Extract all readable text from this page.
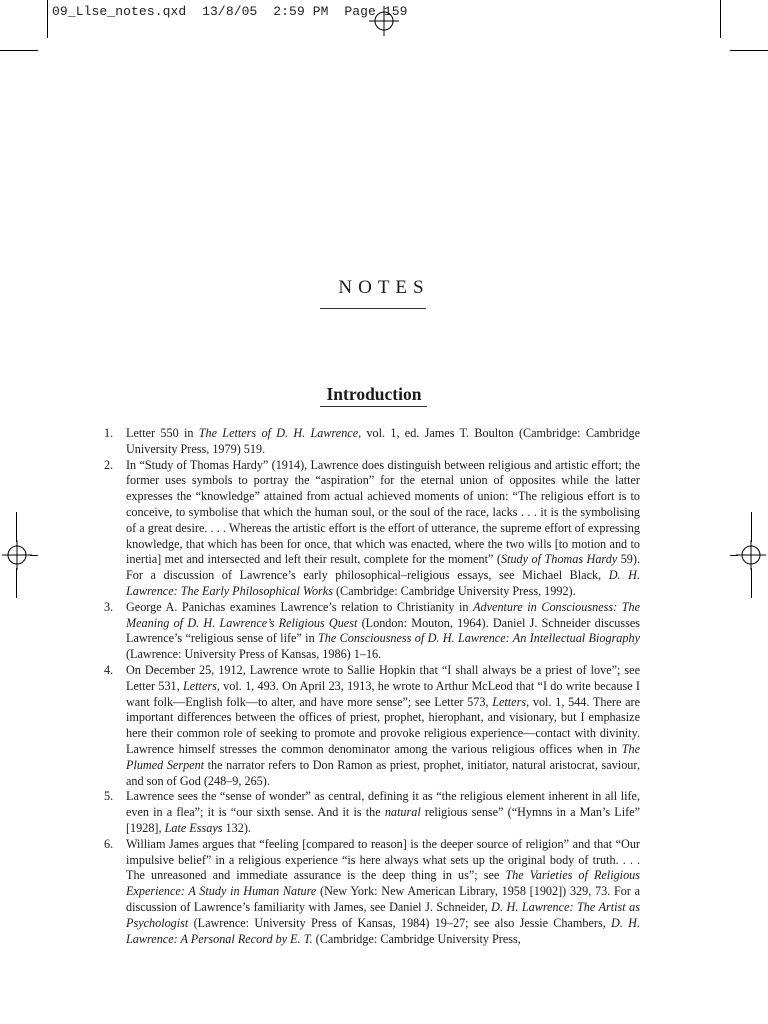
09_Llse_notes.qxd  13/8/05  2:59 PM  Page 159
NOTES
Introduction
1. Letter 550 in The Letters of D. H. Lawrence, vol. 1, ed. James T. Boulton (Cambridge: Cambridge University Press, 1979) 519.
2. In “Study of Thomas Hardy” (1914), Lawrence does distinguish between religious and artistic effort; the former uses symbols to portray the “aspiration” for the eternal union of opposites while the latter expresses the “knowledge” attained from actual achieved moments of union: “The religious effort is to conceive, to symbolise that which the human soul, or the soul of the race, lacks . . . it is the symbolising of a great desire. . . . Whereas the artistic effort is the effort of utterance, the supreme effort of expressing knowledge, that which has been for once, that which was enacted, where the two wills [to motion and to inertia] met and intersected and left their result, complete for the moment” (Study of Thomas Hardy 59). For a discussion of Lawrence’s early philosophical–religious essays, see Michael Black, D. H. Lawrence: The Early Philosophical Works (Cambridge: Cambridge University Press, 1992).
3. George A. Panichas examines Lawrence’s relation to Christianity in Adventure in Consciousness: The Meaning of D. H. Lawrence’s Religious Quest (London: Mouton, 1964). Daniel J. Schneider discusses Lawrence’s “religious sense of life” in The Consciousness of D. H. Lawrence: An Intellectual Biography (Lawrence: University Press of Kansas, 1986) 1–16.
4. On December 25, 1912, Lawrence wrote to Sallie Hopkin that “I shall always be a priest of love”; see Letter 531, Letters, vol. 1, 493. On April 23, 1913, he wrote to Arthur McLeod that “I do write because I want folk—English folk—to alter, and have more sense”; see Letter 573, Letters, vol. 1, 544. There are important differences between the offices of priest, prophet, hierophant, and visionary, but I emphasize here their common role of seeking to promote and provoke religious experience—contact with divinity. Lawrence himself stresses the common denominator among the various religious offices when in The Plumed Serpent the narrator refers to Don Ramon as priest, prophet, initiator, natural aristocrat, saviour, and son of God (248–9, 265).
5. Lawrence sees the “sense of wonder” as central, defining it as “the religious element inherent in all life, even in a flea”; it is “our sixth sense. And it is the natural religious sense” (“Hymns in a Man’s Life” [1928], Late Essays 132).
6. William James argues that “feeling [compared to reason] is the deeper source of religion” and that “Our impulsive belief” in a religious experience “is here always what sets up the original body of truth. . . . The unreasoned and immediate assurance is the deep thing in us”; see The Varieties of Religious Experience: A Study in Human Nature (New York: New American Library, 1958 [1902]) 329, 73. For a discussion of Lawrence’s familiarity with James, see Daniel J. Schneider, D. H. Lawrence: The Artist as Psychologist (Lawrence: University Press of Kansas, 1984) 19–27; see also Jessie Chambers, D. H. Lawrence: A Personal Record by E. T. (Cambridge: Cambridge University Press,
